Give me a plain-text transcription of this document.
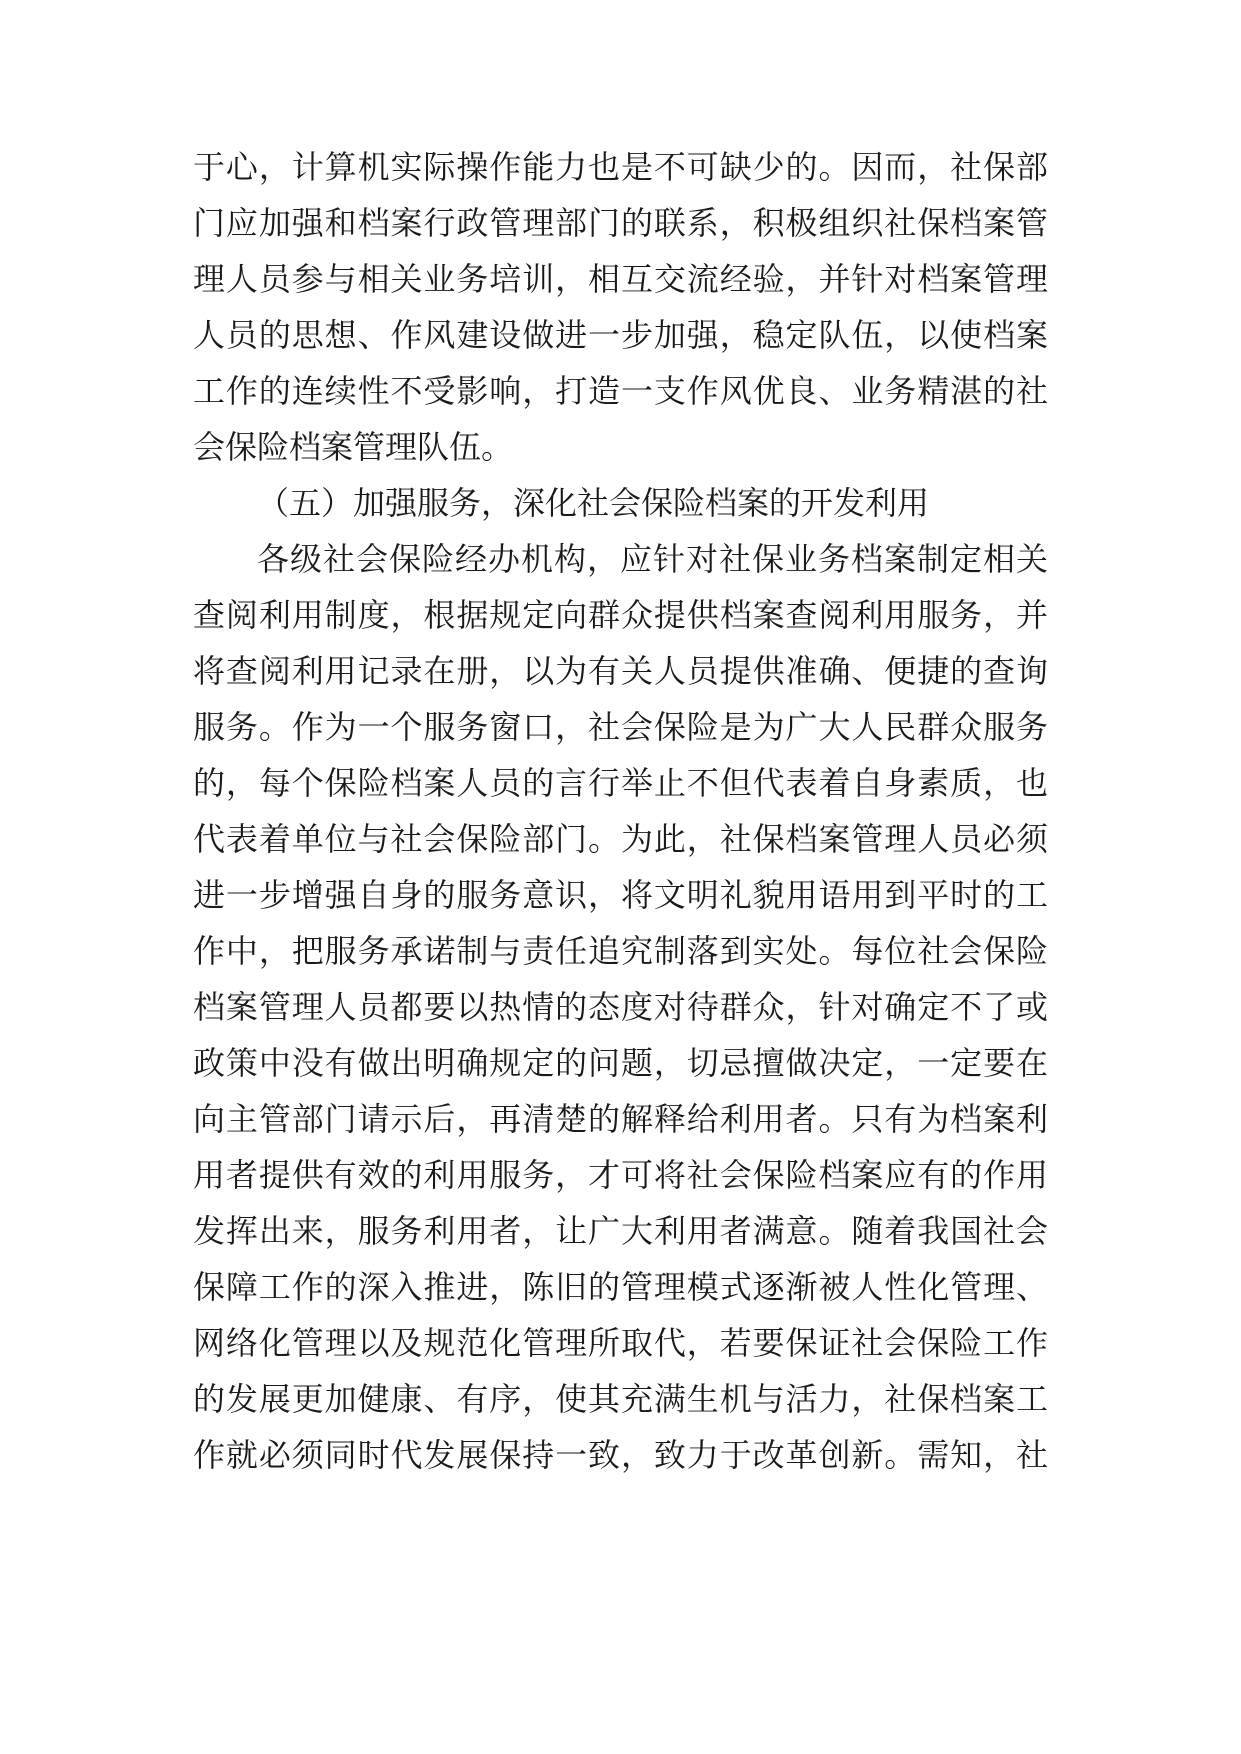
于心，计算机实际操作能力也是不可缺少的。因而，社保部
门应加强和档案行政管理部门的联系，积极组织社保档案管
理人员参与相关业务培训，相互交流经验，并针对档案管理
人员的思想、作风建设做进一步加强，稳定队伍，以使档案
工作的连续性不受影响，打造一支作风优良、业务精湛的社
会保险档案管理队伍。
（五）加强服务，深化社会保险档案的开发利用
各级社会保险经办机构，应针对社保业务档案制定相关
查阅利用制度，根据规定向群众提供档案查阅利用服务，并
将查阅利用记录在册，以为有关人员提供准确、便捷的查询
服务。作为一个服务窗口，社会保险是为广大人民群众服务
的，每个保险档案人员的言行举止不但代表着自身素质，也
代表着单位与社会保险部门。为此，社保档案管理人员必须
进一步增强自身的服务意识，将文明礼貌用语用到平时的工
作中，把服务承诺制与责任追究制落到实处。每位社会保险
档案管理人员都要以热情的态度对待群众，针对确定不了或
政策中没有做出明确规定的问题，切忌擅做决定，一定要在
向主管部门请示后，再清楚的解释给利用者。只有为档案利
用者提供有效的利用服务，才可将社会保险档案应有的作用
发挥出来，服务利用者，让广大利用者满意。随着我国社会
保障工作的深入推进，陈旧的管理模式逐渐被人性化管理、
网络化管理以及规范化管理所取代，若要保证社会保险工作
的发展更加健康、有序，使其充满生机与活力，社保档案工
作就必须同时代发展保持一致，致力于改革创新。需知，社
